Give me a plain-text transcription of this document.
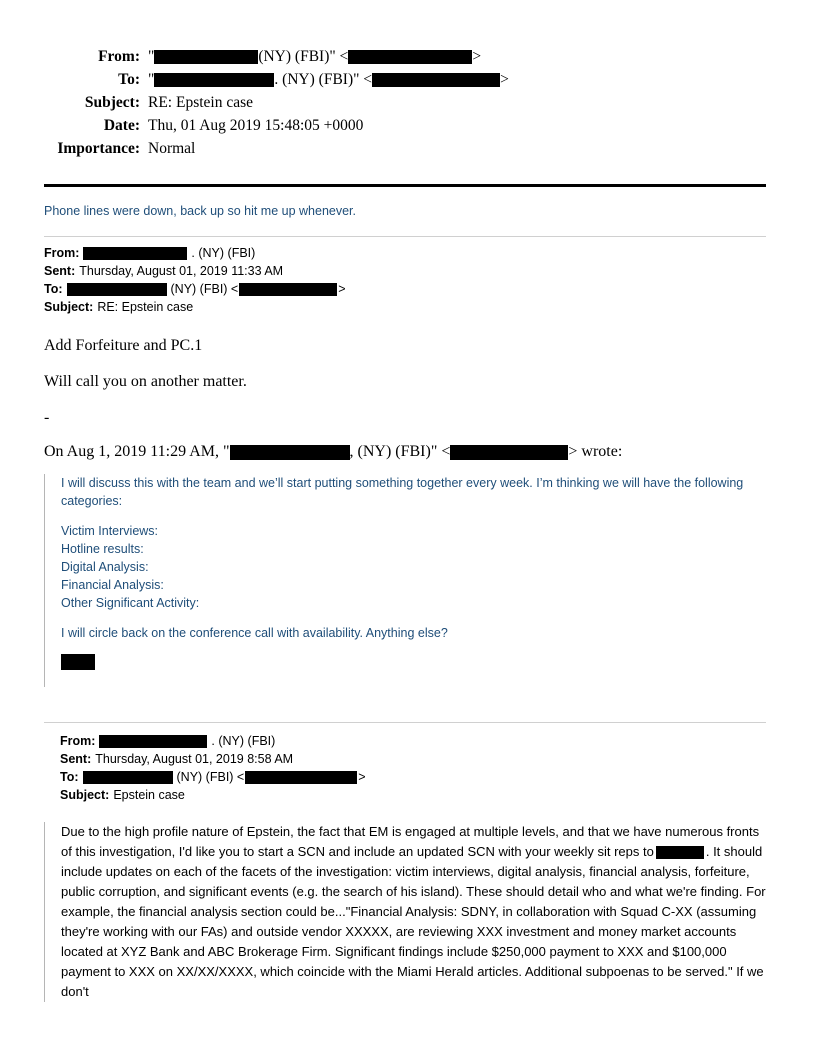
From: "	(NY) (FBI)" <	>
To: "	. (NY) (FBI)" <	>
Subject: RE: Epstein case
Date: Thu, 01 Aug 2019 15:48:05 +0000
Importance: Normal
Phone lines were down, back up so hit me up whenever.
From:	. (NY) (FBI)
Sent: Thursday, August 01, 2019 11:33 AM
To:	(NY) (FBI) <	>
Subject: RE: Epstein case
Add Forfeiture and PC.1
Will call you on another matter.
-
On Aug 1, 2019 11:29 AM, "	, (NY) (FBI)" <	> wrote:

I will discuss this with the team and we’ll start putting something together every week. I’m thinking we will have the following categories:

Victim Interviews:

Hotline results:

Digital Analysis:

Financial Analysis:

Other Significant Activity:

I will circle back on the conference call with availability. Anything else?

From:	. (NY) (FBI)
Sent: Thursday, August 01, 2019 8:58 AM
To:	(NY) (FBI) <	>
Subject: Epstein case
Due to the high profile nature of Epstein, the fact that EM is engaged at multiple levels, and that we have numerous fronts of this investigation, I'd like you to start a SCN and include an updated SCN with your weekly sit reps to	. It should include updates on each of the facets of the investigation: victim interviews, digital analysis, financial analysis, forfeiture, public corruption, and significant events (e.g. the search of his island). These should detail who and what we're finding. For example, the financial analysis section could be..."Financial Analysis: SDNY, in collaboration with Squad C-XX (assuming they're working with our FAs) and outside vendor XXXXX, are reviewing XXX investment and money market accounts located at XYZ Bank and ABC Brokerage Firm. Significant findings include $250,000 payment to XXX and $100,000 payment to XXX on XX/XX/XXXX, which coincide with the Miami Herald articles. Additional subpoenas to be served." If we don't
